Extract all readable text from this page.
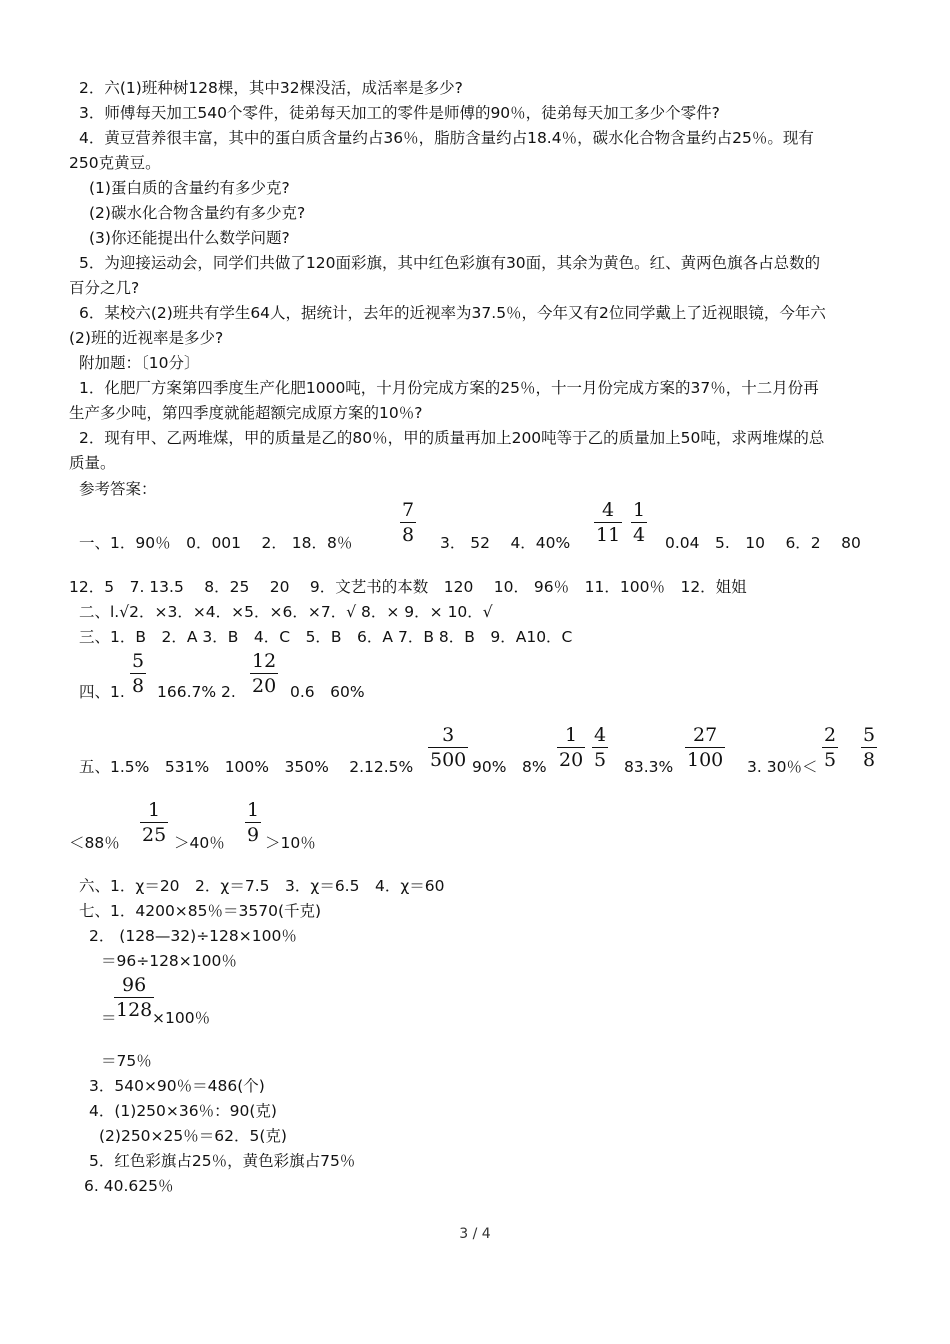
2．六(1)班种树128棵，其中32棵没活，成活率是多少?
3．师傅每天加工540个零件，徒弟每天加工的零件是师傅的90％，徒弟每天加工多少个零件?
4．黄豆营养很丰富，其中的蛋白质含量约占36％，脂肪含量约占18.4％，碳水化合物含量约占25％。现有
250克黄豆。
(1)蛋白质的含量约有多少克?
(2)碳水化合物含量约有多少克?
(3)你还能提出什么数学问题?
5．为迎接运动会，同学们共做了120面彩旗，其中红色彩旗有30面，其余为黄色。红、黄两色旗各占总数的
百分之几?
6．某校六(2)班共有学生64人，据统计，去年的近视率为37.5％，今年又有2位同学戴上了近视眼镜，今年六
(2)班的近视率是多少?
附加题：〔10分〕
1．化肥厂方案第四季度生产化肥1000吨，十月份完成方案的25％，十一月份完成方案的37％，十二月份再
生产多少吨，第四季度就能超额完成原方案的10％?
2．现有甲、乙两堆煤，甲的质量是乙的80％，甲的质量再加上200吨等于乙的质量加上50吨，求两堆煤的总
质量。
参考答案：
一、1．90％　0．001　 2． 18．8％
7
8 3． 52　 4．40%
4
11
1
4 0.04　5.　10　 6．2　 80
12．5　7. 13.5　 8．25　 20　 9．文艺书的本数　120　 10． 96％　11．100％　12．姐姐
二、l.√2．×3．×4．×5．×6．×7．√ 8．× 9．× 10．√
三、1．B　2．A 3．B　4．C　5．B　6．A 7．B 8．B　9．A10．C
四、1.
5
8 166.7% 2.
12
20 0.6　60%
五、1.5%　531%　100%　350%　 2.12.5%
3
500 90%　8%
1
20
4
5 83.3%
27
100 3. 30％＜
2
5
5
8
＜88％
1
25 ＞40％
1
9 ＞10％
六、1．χ＝20　2．χ＝7.5　3．χ＝6.5　4．χ＝60
七、1．4200×85％＝3570(千克)
2． (128—32)÷128×100％
＝96÷128×100％
＝
96
128 ×100％
＝75％
3．540×90％＝486(个)
4．(1)250×36％：90(克)
(2)250×25％＝62．5(克)
5．红色彩旗占25％，黄色彩旗占75％
6. 40.625％
3 / 4
